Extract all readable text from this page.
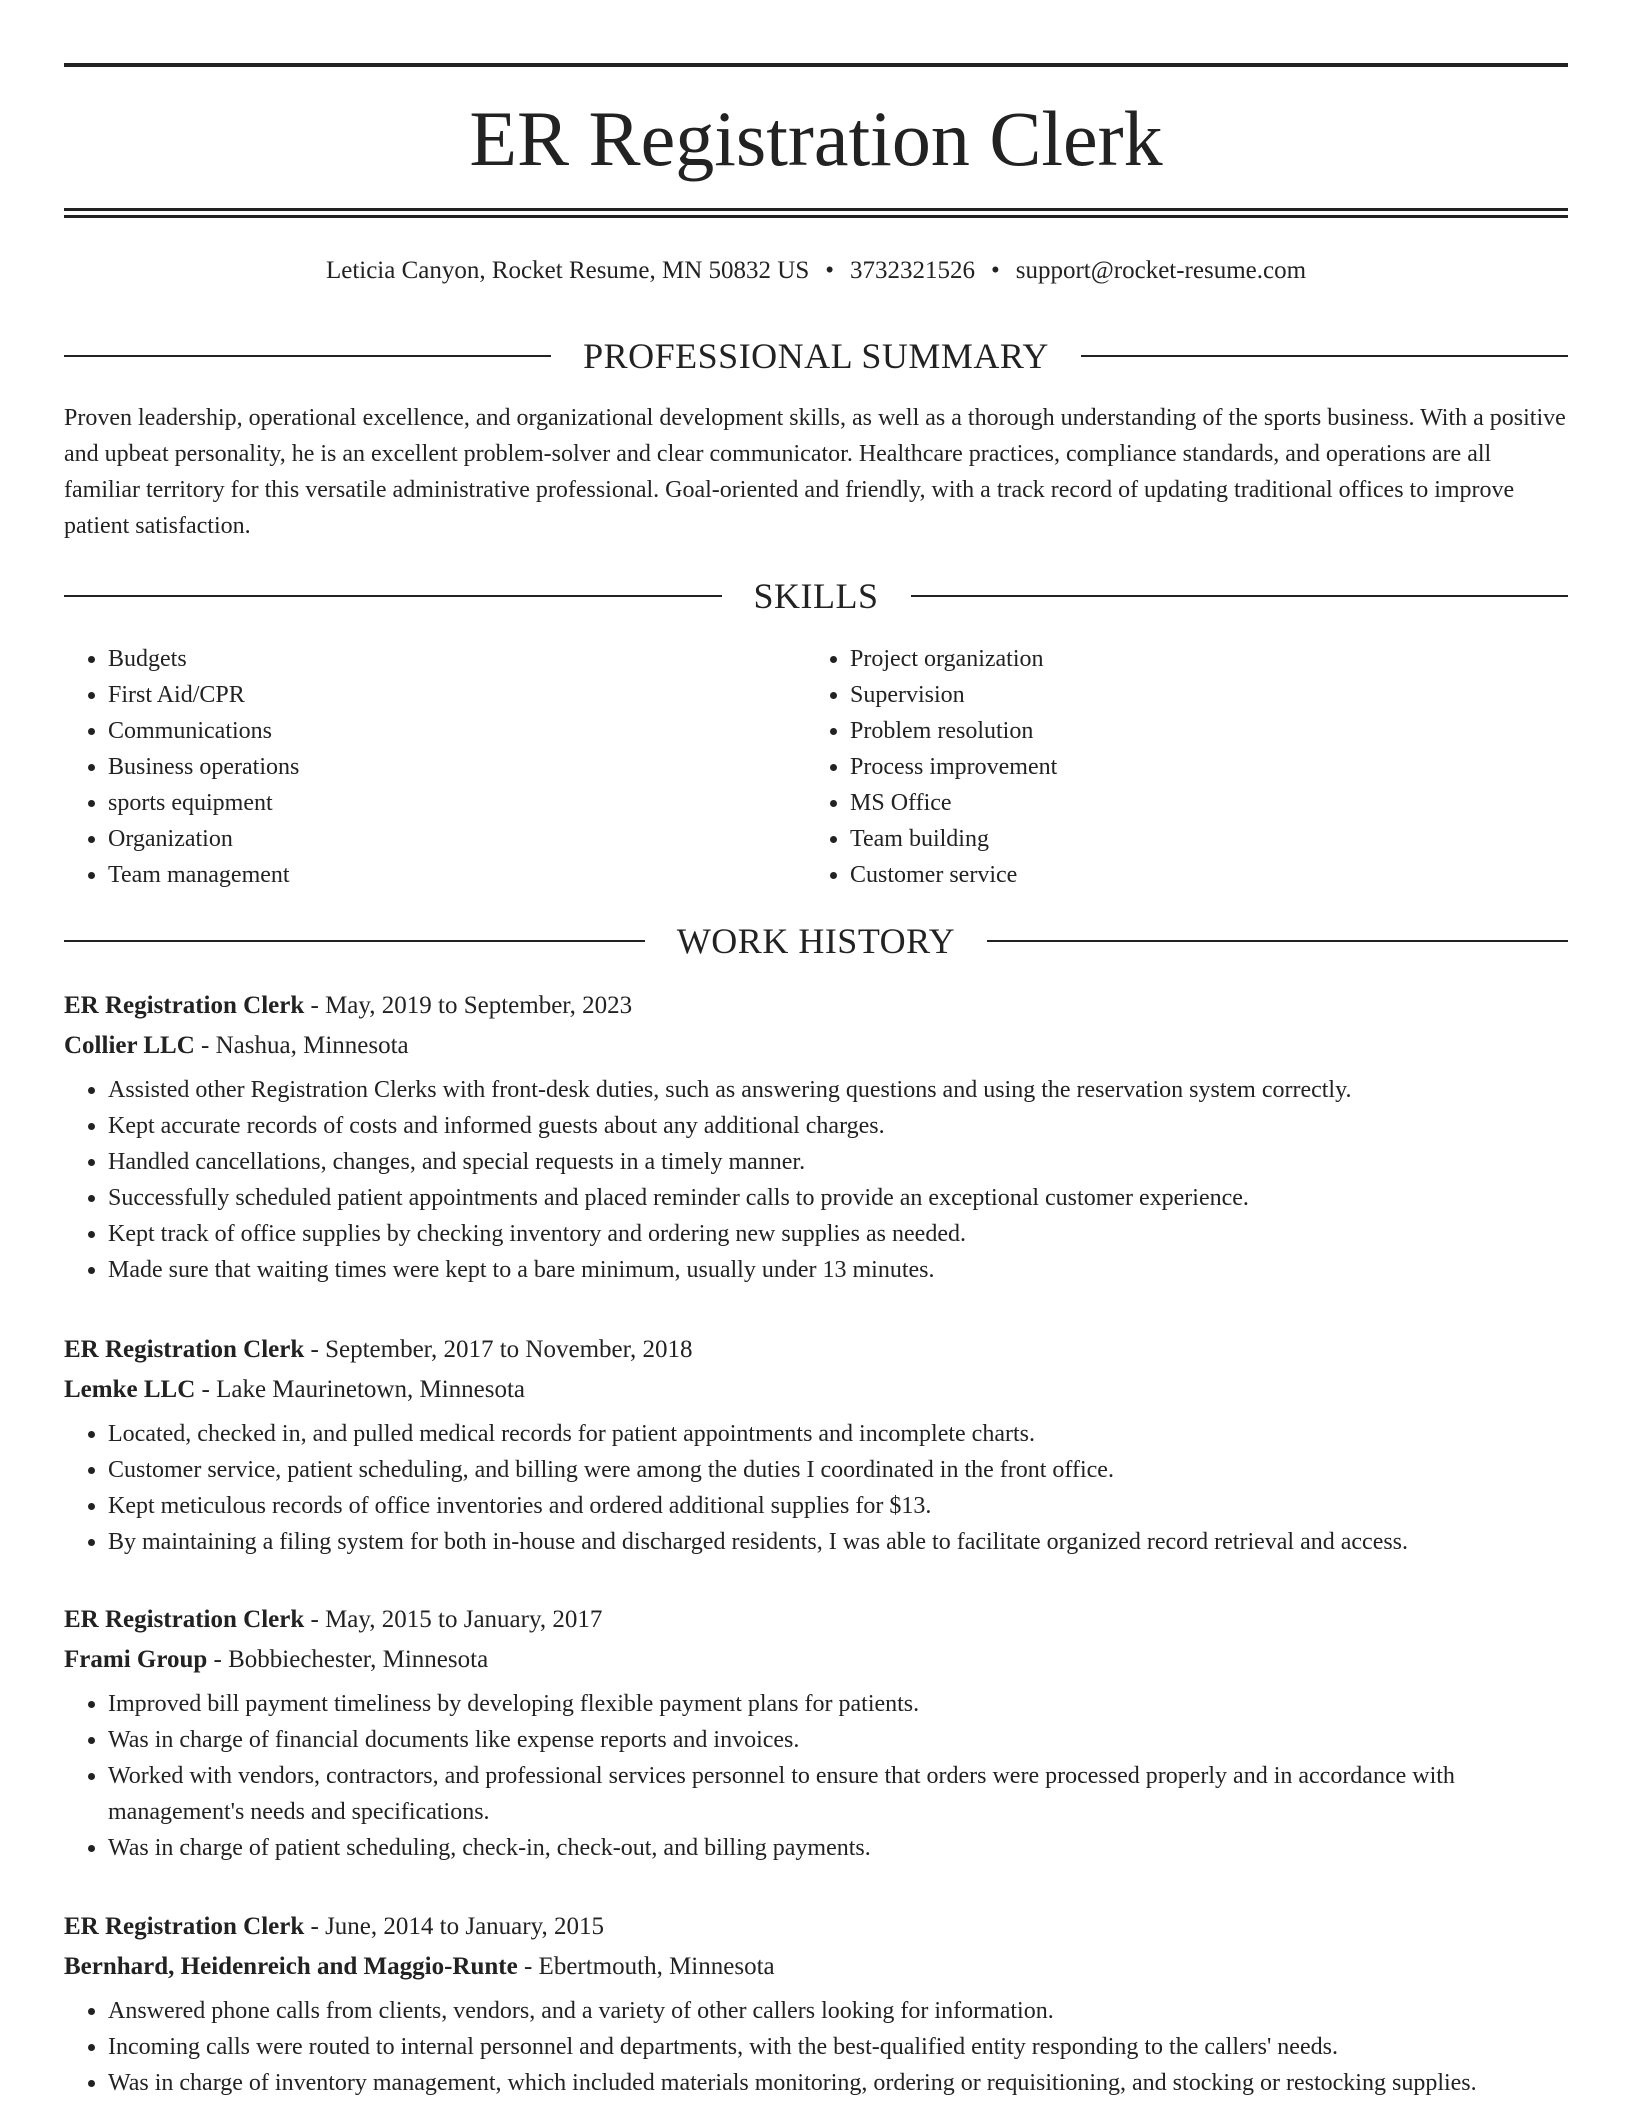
ER Registration Clerk
Leticia Canyon, Rocket Resume, MN 50832 US • 3732321526 • support@rocket-resume.com
PROFESSIONAL SUMMARY

Proven leadership, operational excellence, and organizational development skills, as well as a thorough understanding of the sports business. With a positive and upbeat personality, he is an excellent problem-solver and clear communicator. Healthcare practices, compliance standards, and operations are all familiar territory for this versatile administrative professional. Goal-oriented and friendly, with a track record of updating traditional offices to improve patient satisfaction.

SKILLS
• Budgets
• First Aid/CPR
• Communications
• Business operations
• sports equipment
• Organization
• Team management
• Project organization
• Supervision
• Problem resolution
• Process improvement
• MS Office
• Team building
• Customer service
WORK HISTORY
ER Registration Clerk - May, 2019 to September, 2023
Collier LLC - Nashua, Minnesota
• Assisted other Registration Clerks with front-desk duties, such as answering questions and using the reservation system correctly.
• Kept accurate records of costs and informed guests about any additional charges.
• Handled cancellations, changes, and special requests in a timely manner.
• Successfully scheduled patient appointments and placed reminder calls to provide an exceptional customer experience.
• Kept track of office supplies by checking inventory and ordering new supplies as needed.
• Made sure that waiting times were kept to a bare minimum, usually under 13 minutes.
ER Registration Clerk - September, 2017 to November, 2018
Lemke LLC - Lake Maurinetown, Minnesota
• Located, checked in, and pulled medical records for patient appointments and incomplete charts.
• Customer service, patient scheduling, and billing were among the duties I coordinated in the front office.
• Kept meticulous records of office inventories and ordered additional supplies for $13.
• By maintaining a filing system for both in-house and discharged residents, I was able to facilitate organized record retrieval and access.
ER Registration Clerk - May, 2015 to January, 2017
Frami Group - Bobbiechester, Minnesota
• Improved bill payment timeliness by developing flexible payment plans for patients.
• Was in charge of financial documents like expense reports and invoices.
• Worked with vendors, contractors, and professional services personnel to ensure that orders were processed properly and in accordance with management's needs and specifications.
• Was in charge of patient scheduling, check-in, check-out, and billing payments.
ER Registration Clerk - June, 2014 to January, 2015
Bernhard, Heidenreich and Maggio-Runte - Ebertmouth, Minnesota
• Answered phone calls from clients, vendors, and a variety of other callers looking for information.
• Incoming calls were routed to internal personnel and departments, with the best-qualified entity responding to the callers' needs.
• Was in charge of inventory management, which included materials monitoring, ordering or requisitioning, and stocking or restocking supplies.
